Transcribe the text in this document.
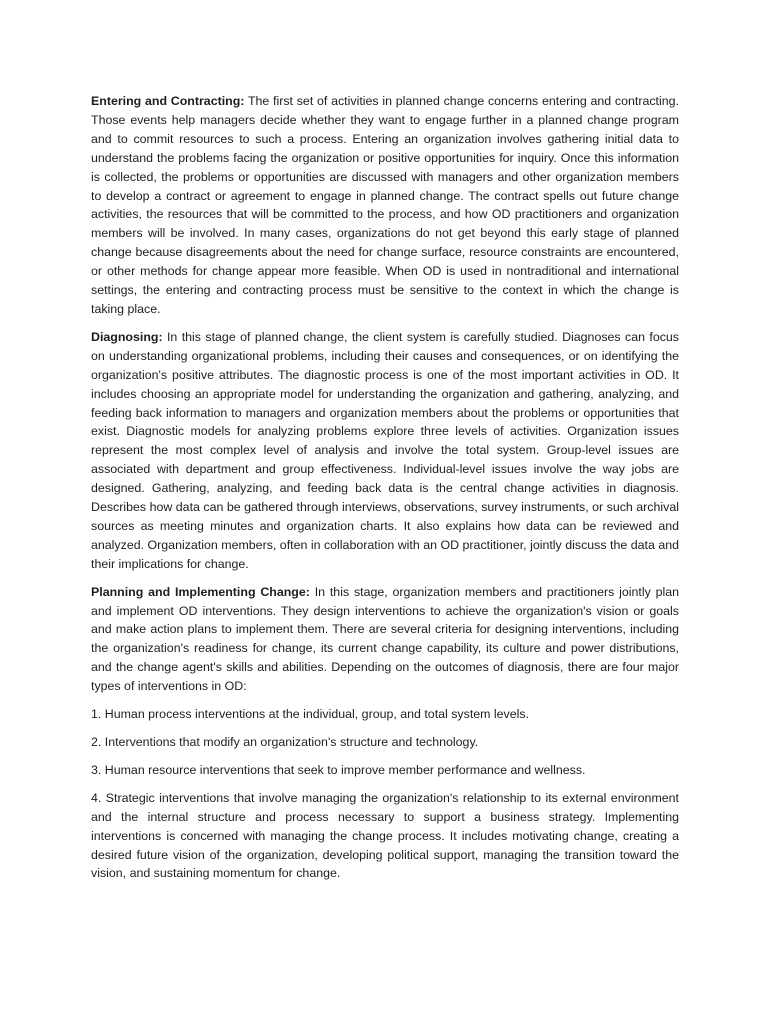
Entering and Contracting: The first set of activities in planned change concerns entering and contracting. Those events help managers decide whether they want to engage further in a planned change program and to commit resources to such a process. Entering an organization involves gathering initial data to understand the problems facing the organization or positive opportunities for inquiry. Once this information is collected, the problems or opportunities are discussed with managers and other organization members to develop a contract or agreement to engage in planned change. The contract spells out future change activities, the resources that will be committed to the process, and how OD practitioners and organization members will be involved. In many cases, organizations do not get beyond this early stage of planned change because disagreements about the need for change surface, resource constraints are encountered, or other methods for change appear more feasible. When OD is used in nontraditional and international settings, the entering and contracting process must be sensitive to the context in which the change is taking place.

Diagnosing: In this stage of planned change, the client system is carefully studied. Diagnoses can focus on understanding organizational problems, including their causes and consequences, or on identifying the organization's positive attributes. The diagnostic process is one of the most important activities in OD. It includes choosing an appropriate model for understanding the organization and gathering, analyzing, and feeding back information to managers and organization members about the problems or opportunities that exist. Diagnostic models for analyzing problems explore three levels of activities. Organization issues represent the most complex level of analysis and involve the total system. Group-level issues are associated with department and group effectiveness. Individual-level issues involve the way jobs are designed. Gathering, analyzing, and feeding back data is the central change activities in diagnosis. Describes how data can be gathered through interviews, observations, survey instruments, or such archival sources as meeting minutes and organization charts. It also explains how data can be reviewed and analyzed. Organization members, often in collaboration with an OD practitioner, jointly discuss the data and their implications for change.

Planning and Implementing Change: In this stage, organization members and practitioners jointly plan and implement OD interventions. They design interventions to achieve the organization's vision or goals and make action plans to implement them. There are several criteria for designing interventions, including the organization's readiness for change, its current change capability, its culture and power distributions, and the change agent's skills and abilities. Depending on the outcomes of diagnosis, there are four major types of interventions in OD:

1. Human process interventions at the individual, group, and total system levels.

2. Interventions that modify an organization's structure and technology.

3. Human resource interventions that seek to improve member performance and wellness.

4. Strategic interventions that involve managing the organization's relationship to its external environment and the internal structure and process necessary to support a business strategy. Implementing interventions is concerned with managing the change process. It includes motivating change, creating a desired future vision of the organization, developing political support, managing the transition toward the vision, and sustaining momentum for change.
